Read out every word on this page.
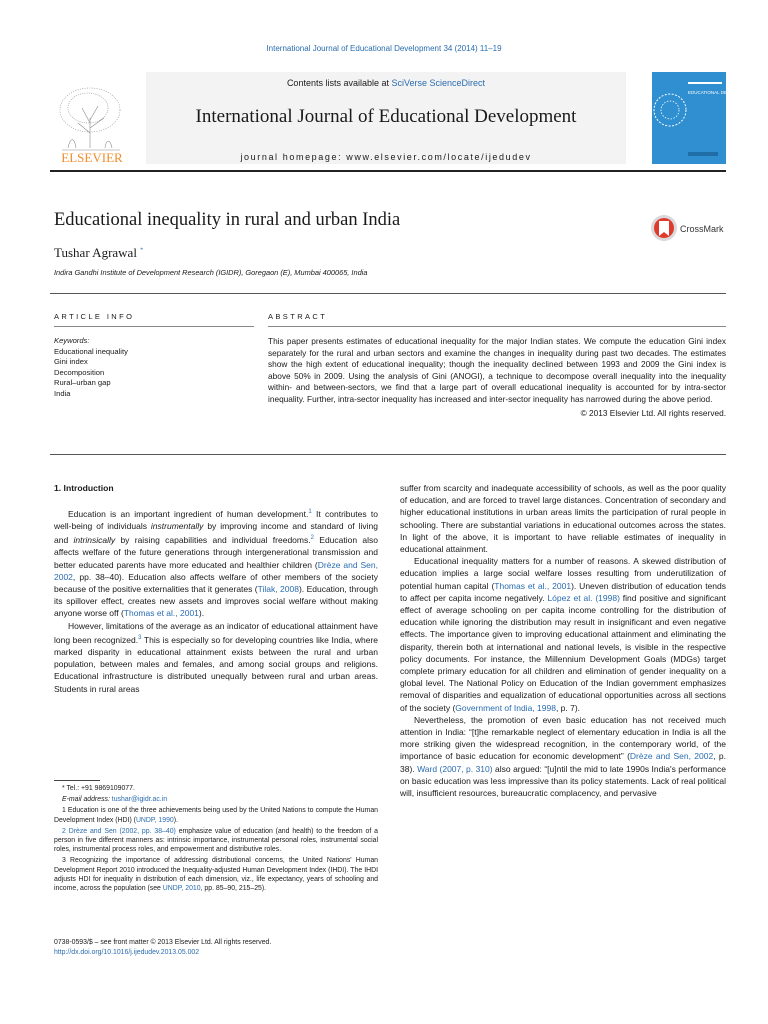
International Journal of Educational Development 34 (2014) 11–19
ELSEVIER
Contents lists available at SciVerse ScienceDirect
International Journal of Educational Development
journal homepage: www.elsevier.com/locate/ijedudev
EDUCATIONAL DEVELOPMENT
Educational inequality in rural and urban India	CrossMark
Tushar Agrawal *
Indira Gandhi Institute of Development Research (IGIDR), Goregaon (E), Mumbai 400065, India
ARTICLE INFO	ABSTRACT
Keywords:
Educational inequality
Gini index
Decomposition
Rural–urban gap
India
This paper presents estimates of educational inequality for the major Indian states. We compute the education Gini index separately for the rural and urban sectors and examine the changes in inequality during past two decades. The estimates show the high extent of educational inequality; though the inequality declined between 1993 and 2009 the Gini index is above 50% in 2009. Using the analysis of Gini (ANOGI), a technique to decompose overall inequality into the inequality within- and between-sectors, we find that a large part of overall educational inequality is accounted for by intra-sector inequality. Further, intra-sector inequality has increased and inter-sector inequality has narrowed during the above period.
© 2013 Elsevier Ltd. All rights reserved.
1. Introduction

Education is an important ingredient of human development.$^1$ It contributes to well-being of individuals instrumentally by improving income and standard of living and intrinsically by raising capabilities and individual freedoms.$^2$ Education also affects welfare of the future generations through intergenerational transmission and better educated parents have more educated and healthier children (Drèze and Sen, 2002, pp. 38–40). Education also affects welfare of other members of the society because of the positive externalities that it generates (Tilak, 2008). Education, through its spillover effect, creates new assets and improves social welfare without making anyone worse off (Thomas et al., 2001).

However, limitations of the average as an indicator of educational attainment have long been recognized.$^3$ This is especially so for developing countries like India, where marked disparity in educational attainment exists between the rural and urban population, between males and females, and among social groups and religions. Educational infrastructure is distributed unequally between rural and urban areas. Students in rural areas

suffer from scarcity and inadequate accessibility of schools, as well as the poor quality of education, and are forced to travel large distances. Concentration of secondary and higher educational institutions in urban areas limits the participation of rural people in schooling. There are substantial variations in educational outcomes across the states. In light of the above, it is important to have reliable estimates of inequality in educational attainment.

Educational inequality matters for a number of reasons. A skewed distribution of education implies a large social welfare losses resulting from underutilization of potential human capital (Thomas et al., 2001). Uneven distribution of education tends to affect per capita income negatively. López et al. (1998) find positive and significant effect of average schooling on per capita income controlling for the distribution of education while ignoring the distribution may result in insignificant and even negative effects. The importance given to improving educational attainment and eliminating the disparity, therein both at international and national levels, is visible in the respective policy documents. For instance, the Millennium Development Goals (MDGs) target complete primary education for all children and elimination of gender inequality on a global level. The National Policy on Education of the Indian government emphasizes removal of disparities and equalization of educational opportunities across all sections of the society (Government of India, 1998, p. 7).

Nevertheless, the promotion of even basic education has not received much attention in India: “[t]he remarkable neglect of elementary education in India is all the more striking given the widespread recognition, in the contemporary world, of the importance of basic education for economic development” (Drèze and Sen, 2002, p. 38). Ward (2007, p. 310) also argued: “[u]ntil the mid to late 1990s India's performance on basic education was less impressive than its policy statements. Lack of real political will, insufficient resources, bureaucratic complacency, and pervasive

* Tel.: +91 9869109077.

E-mail address: tushar@igidr.ac.in

1 Education is one of the three achievements being used by the United Nations to compute the Human Development Index (HDI) (UNDP, 1990).

2 Drèze and Sen (2002, pp. 38–40) emphasize value of education (and health) to the freedom of a person in five different manners as: intrinsic importance, instrumental personal roles, instrumental social roles, instrumental process roles, and empowerment and distributive roles.

3 Recognizing the importance of addressing distributional concerns, the United Nations' Human Development Report 2010 introduced the Inequality-adjusted Human Development Index (IHDI). The IHDI adjusts HDI for inequality in distribution of each dimension, viz., life expectancy, years of schooling and income, across the population (see UNDP, 2010, pp. 85–90, 215–25).

0738-0593/$ – see front matter © 2013 Elsevier Ltd. All rights reserved.
http://dx.doi.org/10.1016/j.ijedudev.2013.05.002
